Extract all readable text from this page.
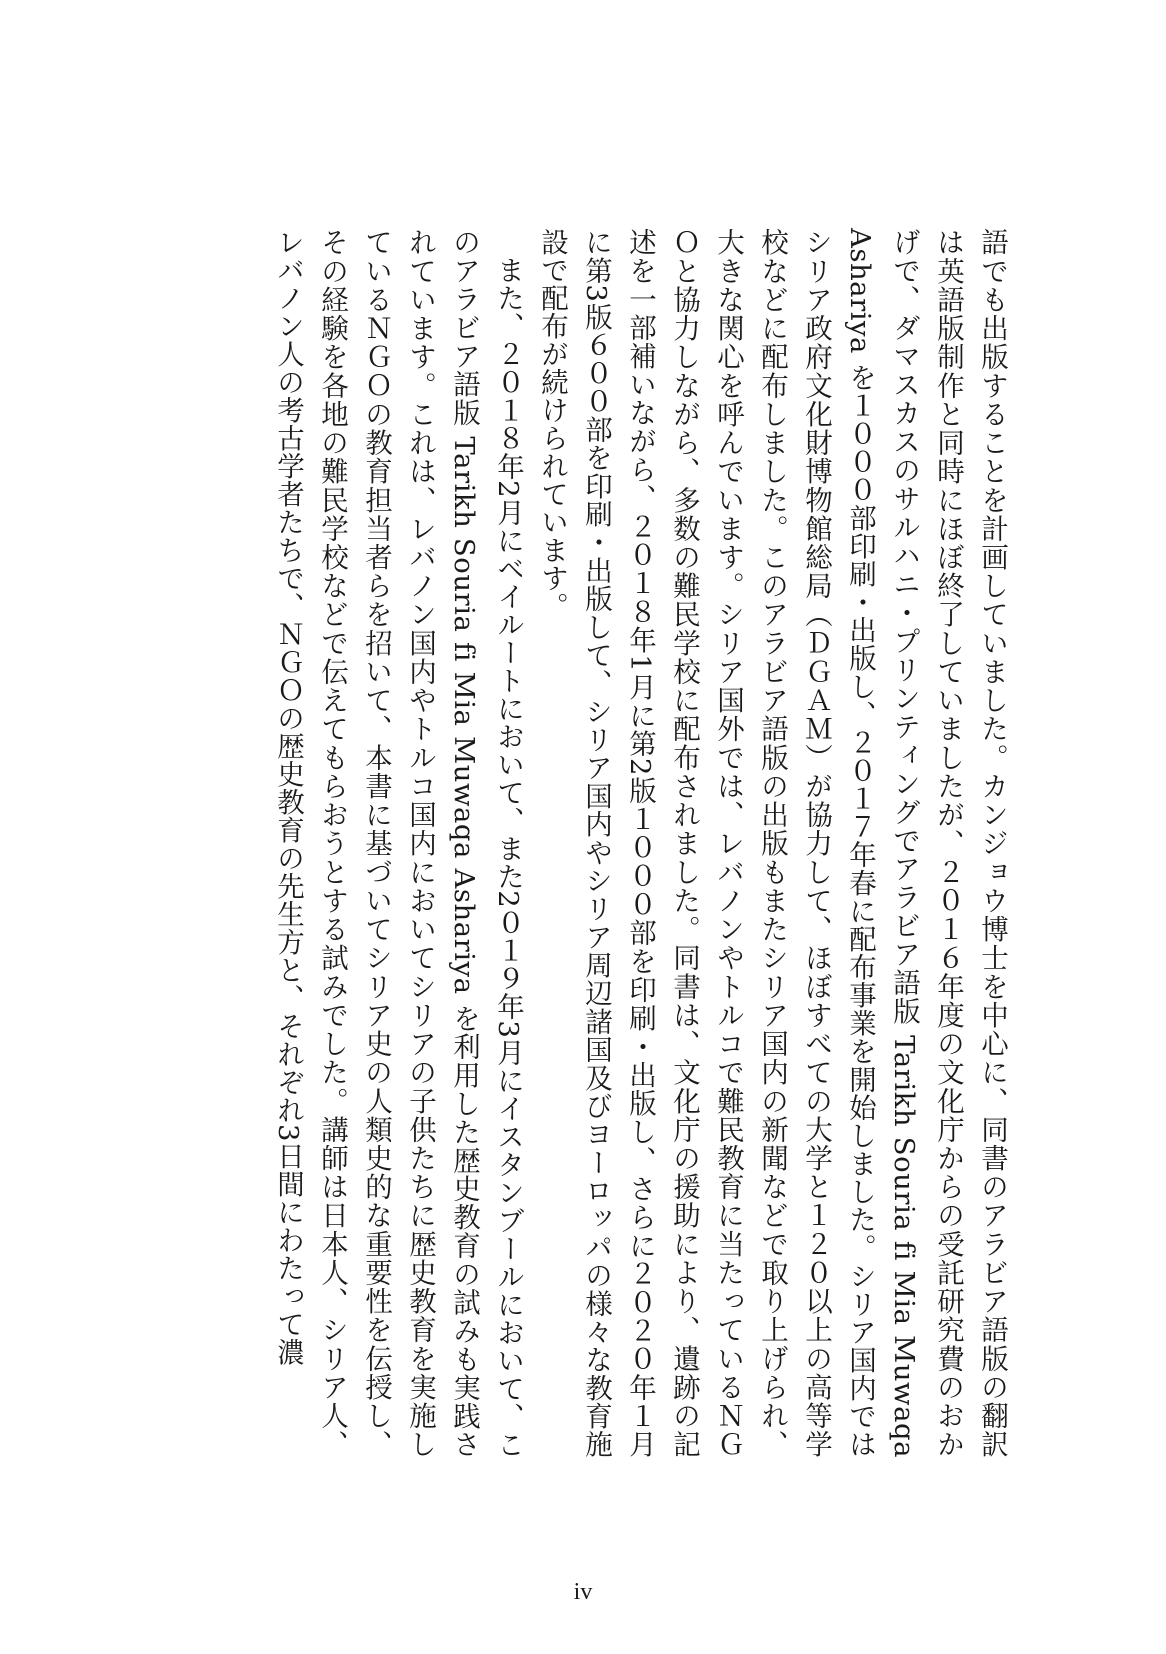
語でも出版することを計画していました。カンジョウ博士を中心に、同書のアラビア語版の翻訳は英語版制作と同時にほぼ終了していましたが、２０１６年度の文化庁からの受託研究費のおかげで、ダマスカスのサルハニ・プリンティングでアラビア語版 Tarikh Souria fi Mia Muwaqa Ashariya を１０００部印刷・出版し、２０１７年春に配布事業を開始しました。シリア国内ではシリア政府文化財博物館総局（ＤＧＡＭ）が協力して、ほぼすべての大学と１２０以上の高等学校などに配布しました。このアラビア語版の出版もまたシリア国内の新聞などで取り上げられ、大きな関心を呼んでいます。シリア国外では、レバノンやトルコで難民教育に当たっているＮＧＯと協力しながら、多数の難民学校に配布されました。同書は、文化庁の援助により、遺跡の記述を一部補いながら、２０１８年1月に第2版１０００部を印刷・出版し、さらに２０２０年１月に第3版６００部を印刷・出版して、シリア国内やシリア周辺諸国及びヨーロッパの様々な教育施設で配布が続けられています。

また、２０１８年2月にベイルートにおいて、また2０１９年3月にイスタンブールにおいて、このアラビア語版 Tarikh Souria fi Mia Muwaqa Ashariya を利用した歴史教育の試みも実践されています。これは、レバノン国内やトルコ国内においてシリアの子供たちに歴史教育を実施しているＮＧＯの教育担当者らを招いて、本書に基づいてシリア史の人類史的な重要性を伝授し、その経験を各地の難民学校などで伝えてもらおうとする試みでした。講師は日本人、シリア人、レバノン人の考古学者たちで、ＮＧＯの歴史教育の先生方と、それぞれ3日間にわたって濃

iv
